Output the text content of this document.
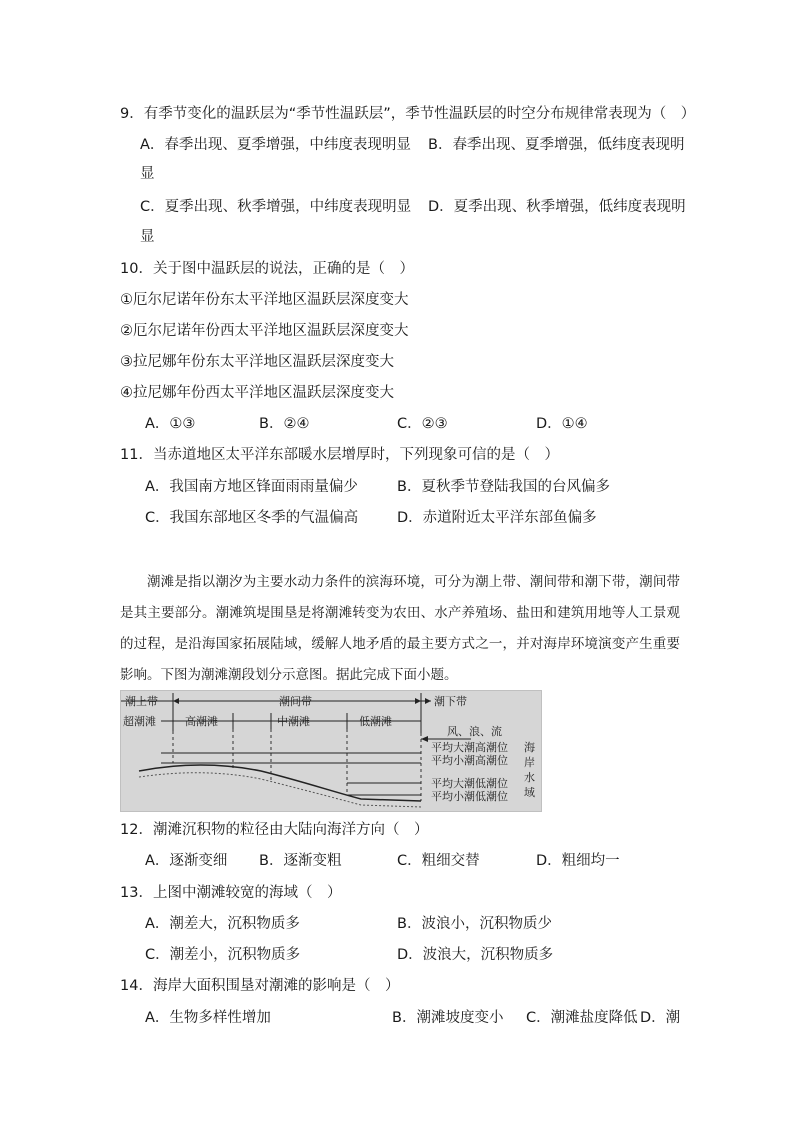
9．有季节变化的温跃层为“季节性温跃层”，季节性温跃层的时空分布规律常表现为（　）
A．春季出现、夏季增强，中纬度表现明显 B．春季出现、夏季增强，低纬度表现明
显
C．夏季出现、秋季增强，中纬度表现明显 D．夏季出现、秋季增强，低纬度表现明
显
10．关于图中温跃层的说法，正确的是（　）
①厄尔尼诺年份东太平洋地区温跃层深度变大
②厄尔尼诺年份西太平洋地区温跃层深度变大
③拉尼娜年份东太平洋地区温跃层深度变大
④拉尼娜年份西太平洋地区温跃层深度变大
A．①③	B．②④	C．②③	D．①④
11．当赤道地区太平洋东部暖水层增厚时，下列现象可信的是（　）
A．我国南方地区锋面雨雨量偏少	B．夏秋季节登陆我国的台风偏多
C．我国东部地区冬季的气温偏高	D．赤道附近太平洋东部鱼偏多

潮滩是指以潮汐为主要水动力条件的滨海环境，可分为潮上带、潮间带和潮下带，潮间带是其主要部分。潮滩筑堤围垦是将潮滩转变为农田、水产养殖场、盐田和建筑用地等人工景观的过程，是沿海国家拓展陆域，缓解人地矛盾的最主要方式之一，并对海岸环境演变产生重要影响。下图为潮滩潮段划分示意图。据此完成下面小题。

潮上带	潮间带	潮下带
超潮滩	高潮滩	中潮滩	低潮滩
风、浪、流
平均大潮高潮位
平均小潮高潮位
平均大潮低潮位
平均小潮低潮位
海
岸
水
域
12．潮滩沉积物的粒径由大陆向海洋方向（　）
A．逐渐变细 B．逐渐变粗	C．粗细交替	D．粗细均一
13．上图中潮滩较宽的海域（　）
A．潮差大，沉积物质多	B．波浪小，沉积物质少
C．潮差小，沉积物质多	D．波浪大，沉积物质多
14．海岸大面积围垦对潮滩的影响是（　）
A．生物多样性增加	B．潮滩坡度变小 C．潮滩盐度降低 D．潮
